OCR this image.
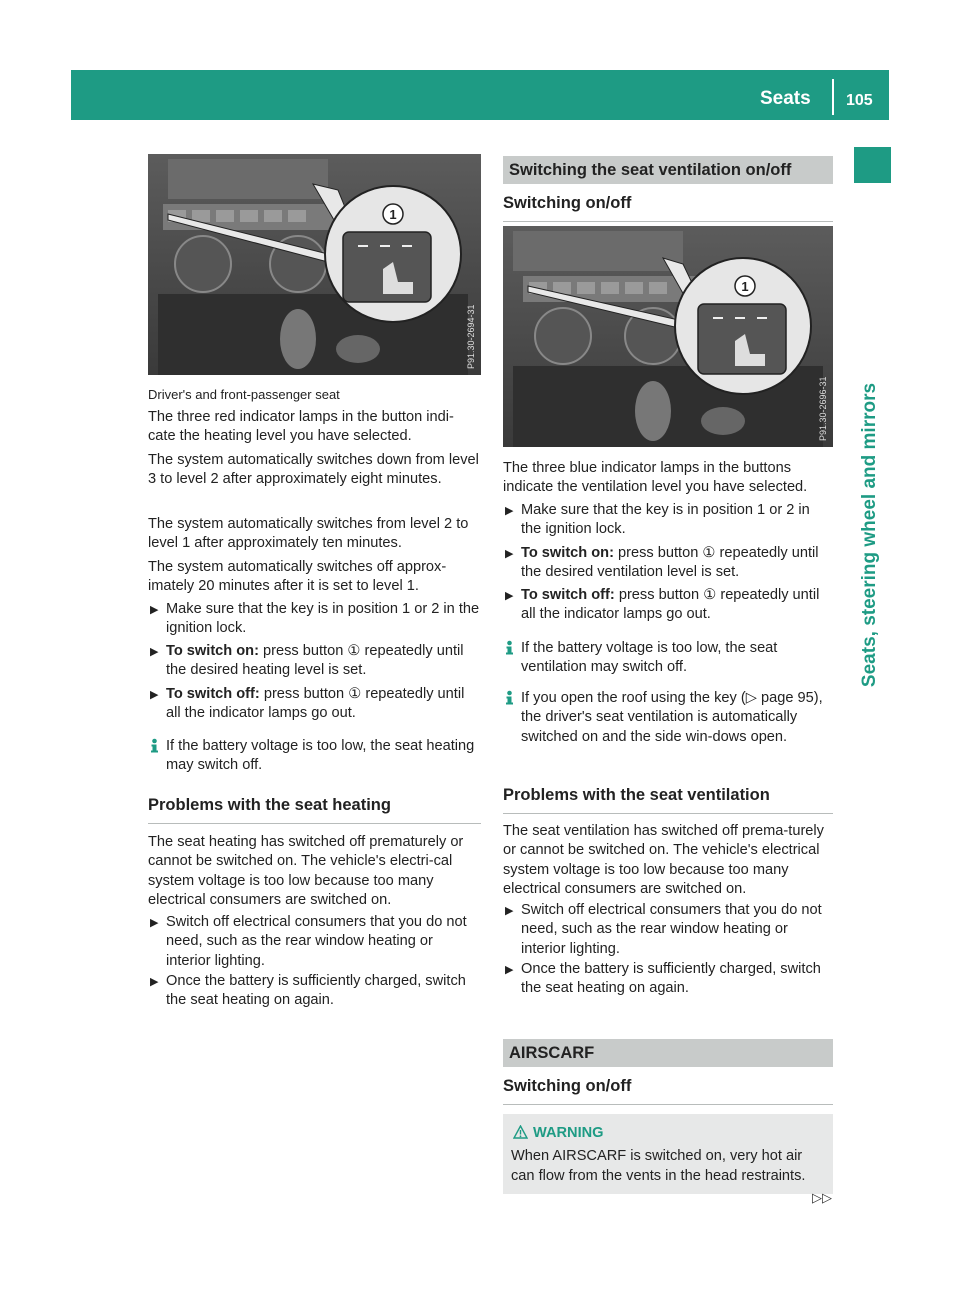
Seats 105
Seats, steering wheel and mirrors
1
P91.30-2694-31

Driver's and front-passenger seat

The three red indicator lamps in the button indi-cate the heating level you have selected.

The system automatically switches down from level 3 to level 2 after approximately eight minutes.

The system automatically switches from level 2 to level 1 after approximately ten minutes.

The system automatically switches off approx-imately 20 minutes after it is set to level 1.

▶ Make sure that the key is in position 1 or 2 in the ignition lock.
▶ To switch on: press button ① repeatedly until the desired heating level is set.
▶ To switch off: press button ① repeatedly until all the indicator lamps go out.
If the battery voltage is too low, the seat heating may switch off.
Problems with the seat heating

The seat heating has switched off prematurely or cannot be switched on. The vehicle's electri-cal system voltage is too low because too many electrical consumers are switched on.

▶ Switch off electrical consumers that you do not need, such as the rear window heating or interior lighting.
▶ Once the battery is sufficiently charged, switch the seat heating on again.
Switching the seat ventilation on/off
Switching on/off
1
P91.30-2696-31

The three blue indicator lamps in the buttons indicate the ventilation level you have selected.

▶ Make sure that the key is in position 1 or 2 in the ignition lock.
▶ To switch on: press button ① repeatedly until the desired ventilation level is set.
▶ To switch off: press button ① repeatedly until all the indicator lamps go out.
If the battery voltage is too low, the seat ventilation may switch off.
If you open the roof using the key (▷ page 95), the driver's seat ventilation is automatically switched on and the side win-dows open.
Problems with the seat ventilation

The seat ventilation has switched off prema-turely or cannot be switched on. The vehicle's electrical system voltage is too low because too many electrical consumers are switched on.

▶ Switch off electrical consumers that you do not need, such as the rear window heating or interior lighting.
▶ Once the battery is sufficiently charged, switch the seat heating on again.
AIRSCARF
Switching on/off
WARNING

When AIRSCARF is switched on, very hot air can flow from the vents in the head restraints.

▷▷
